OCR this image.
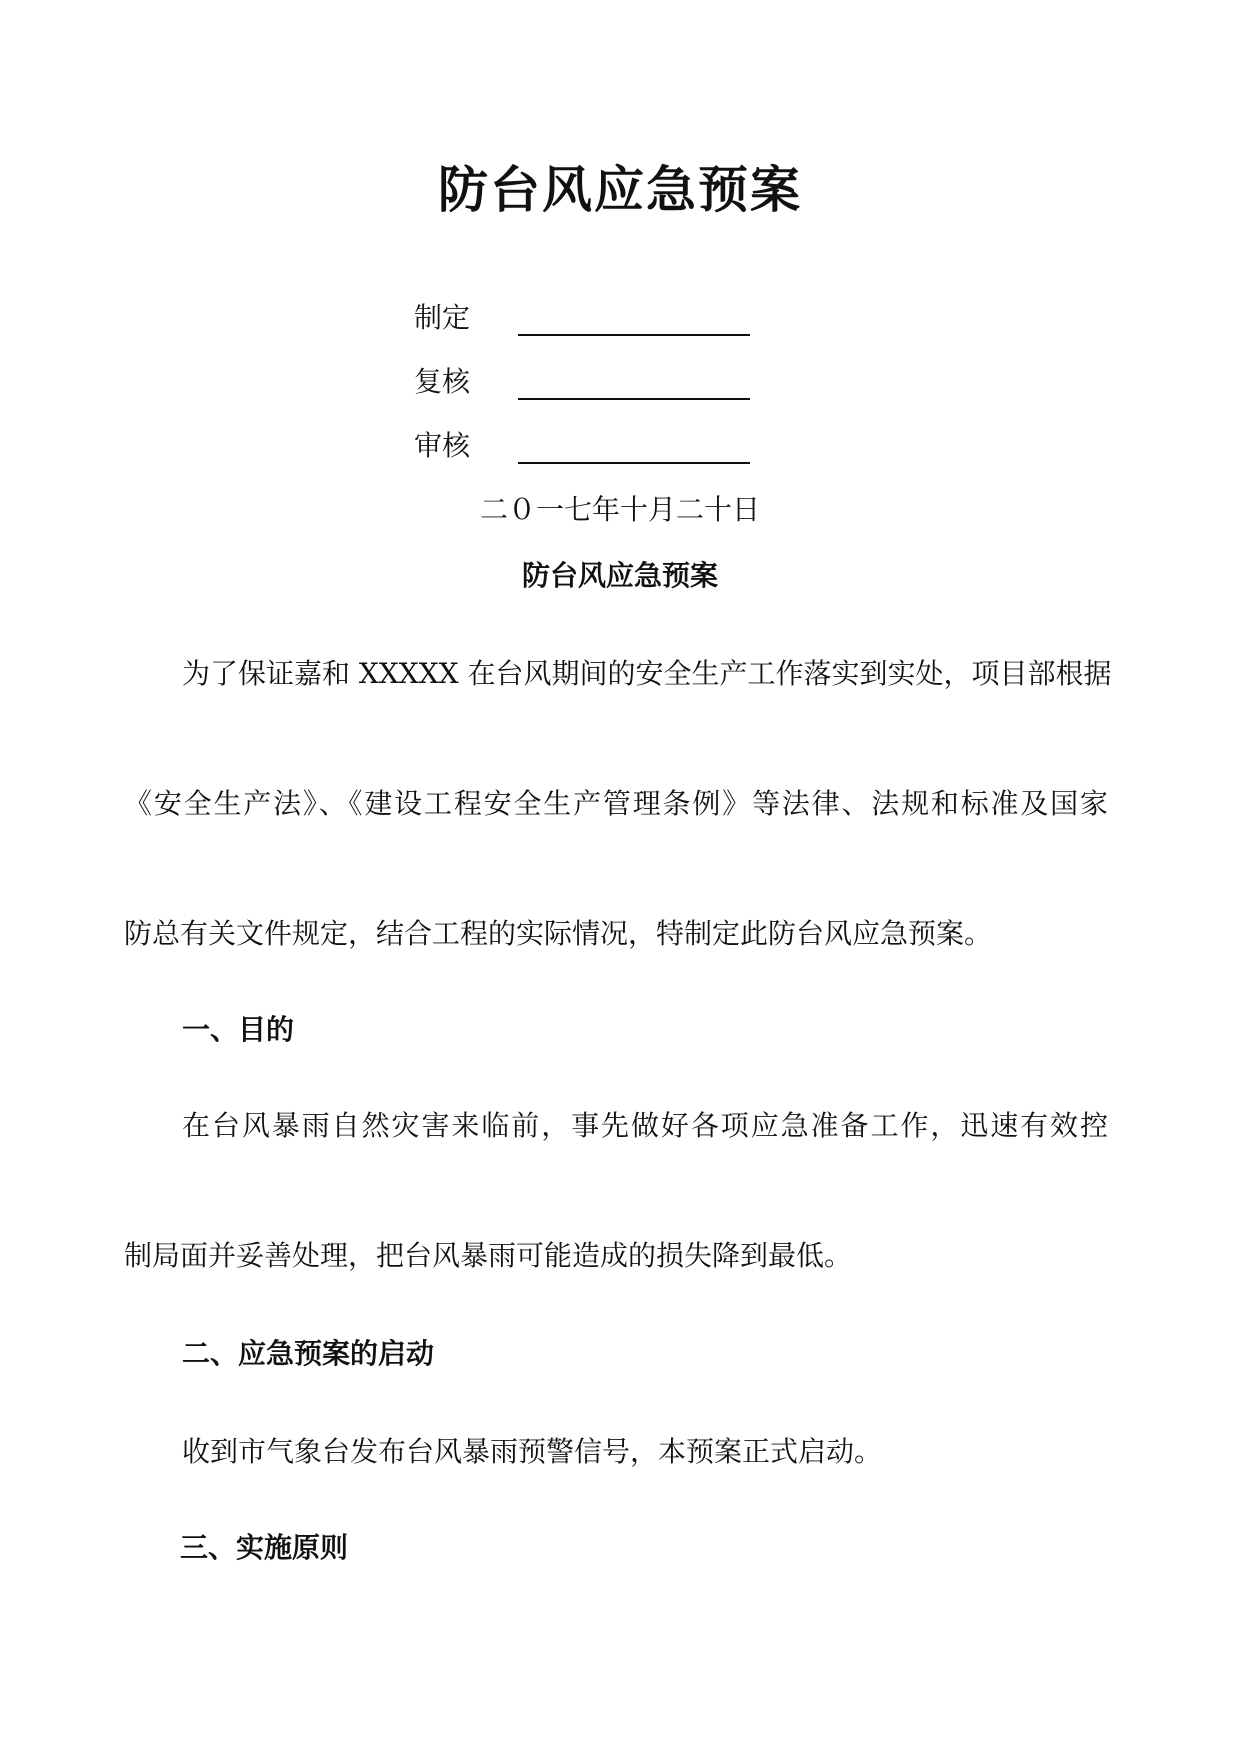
防台风应急预案
制定
复核
审核
二０一七年十月二十日
防台风应急预案
为了保证嘉和 XXXXX 在台风期间的安全生产工作落实到实处，项目部根据
《安全生产法》、《建设工程安全生产管理条例》等法律、法规和标准及国家
防总有关文件规定，结合工程的实际情况，特制定此防台风应急预案。
一、目的
在台风暴雨自然灾害来临前，事先做好各项应急准备工作，迅速有效控
制局面并妥善处理，把台风暴雨可能造成的损失降到最低。
二、应急预案的启动
收到市气象台发布台风暴雨预警信号，本预案正式启动。
三、实施原则
